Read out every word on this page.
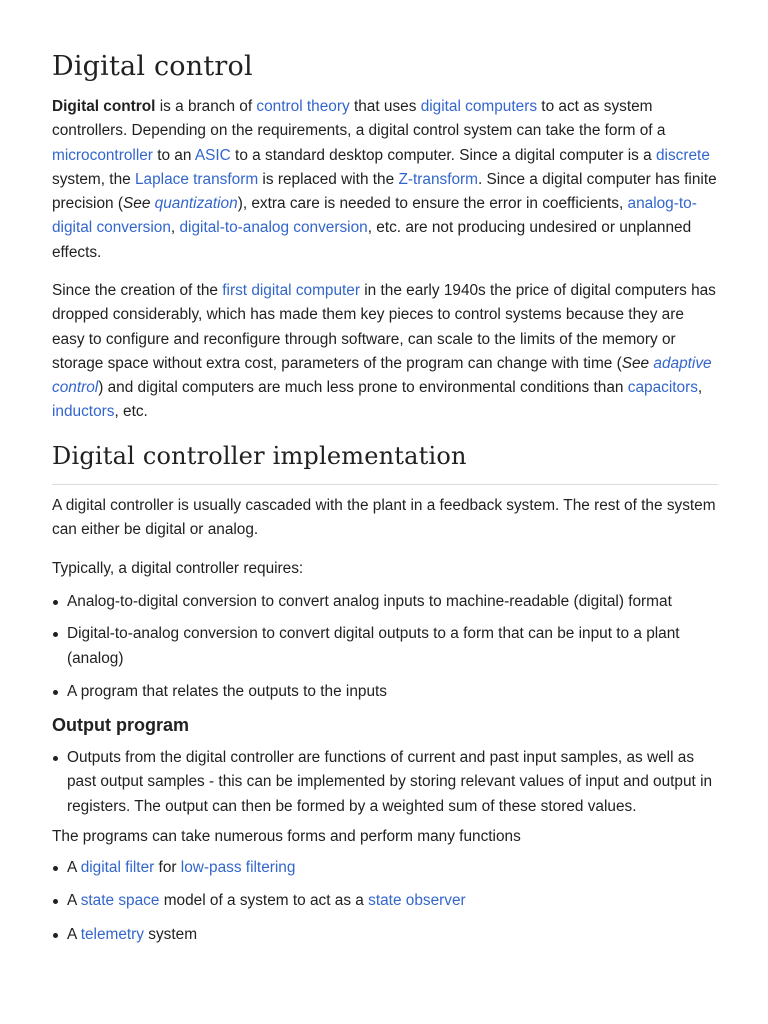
Digital control

Digital control is a branch of control theory that uses digital computers to act as system controllers. Depending on the requirements, a digital control system can take the form of a microcontroller to an ASIC to a standard desktop computer. Since a digital computer is a discrete system, the Laplace transform is replaced with the Z-transform. Since a digital computer has finite precision (See quantization), extra care is needed to ensure the error in coefficients, analog-to-digital conversion, digital-to-analog conversion, etc. are not producing undesired or unplanned effects.

Since the creation of the first digital computer in the early 1940s the price of digital computers has dropped considerably, which has made them key pieces to control systems because they are easy to configure and reconfigure through software, can scale to the limits of the memory or storage space without extra cost, parameters of the program can change with time (See adaptive control) and digital computers are much less prone to environmental conditions than capacitors, inductors, etc.

Digital controller implementation

A digital controller is usually cascaded with the plant in a feedback system. The rest of the system can either be digital or analog.

Typically, a digital controller requires:

Analog-to-digital conversion to convert analog inputs to machine-readable (digital) format
Digital-to-analog conversion to convert digital outputs to a form that can be input to a plant (analog)
A program that relates the outputs to the inputs
Output program
Outputs from the digital controller are functions of current and past input samples, as well as past output samples - this can be implemented by storing relevant values of input and output in registers. The output can then be formed by a weighted sum of these stored values.

The programs can take numerous forms and perform many functions

A digital filter for low-pass filtering
A state space model of a system to act as a state observer
A telemetry system
